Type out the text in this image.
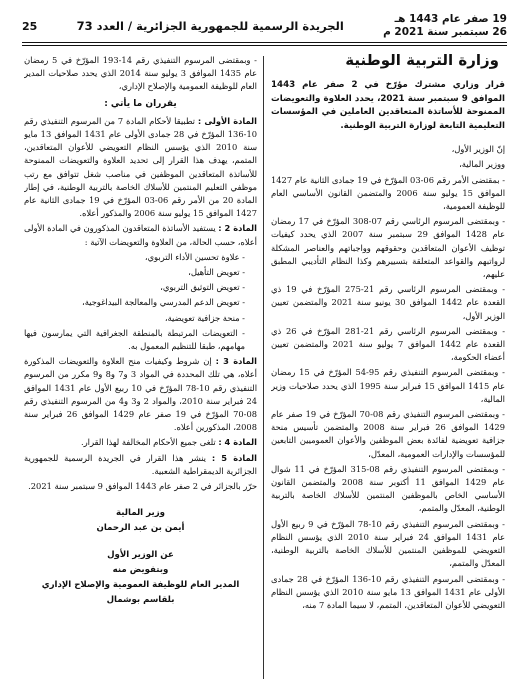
25	الجريدة الرسمية للجمهورية الجزائرية / العدد 73	19 صفر عام 1443 هـ
26 سبتمبر سنة 2021 م
وزارة التربية الوطنية
قرار وزاري مشترك مؤرّخ في 2 صفر عام 1443 الموافق 9 سبتمبر سنة 2021، يحدد العلاوة والتعويضات الممنوحة للأساتذة المتعاقدين العاملين في المؤسسات التعليمية التابعة لوزارة التربية الوطنية.

إنّ الوزير الأول،

ووزير المالية،

- بمقتضى الأمر رقم 06-03 المؤرّخ في 19 جمادى الثانية عام 1427 الموافق 15 يوليو سنة 2006 والمتضمن القانون الأساسي العام للوظيفة العمومية،

- وبمقتضى المرسوم الرئاسي رقم 07-308 المؤرّخ في 17 رمضان عام 1428 الموافق 29 سبتمبر سنة 2007 الذي يحدد كيفيات توظيف الأعوان المتعاقدين وحقوقهم وواجباتهم والعناصر المشكلة لرواتبهم والقواعد المتعلقة بتسييرهم وكذا النظام التأديبي المطبق عليهم،

- وبمقتضى المرسوم الرئاسي رقم 21-275 المؤرّخ في 19 ذي القعدة عام 1442 الموافق 30 يونيو سنة 2021 والمتضمن تعيين الوزير الأول،

- وبمقتضى المرسوم الرئاسي رقم 21-281 المؤرّخ في 26 ذي القعدة عام 1442 الموافق 7 يوليو سنة 2021 والمتضمن تعيين أعضاء الحكومة،

- وبمقتضى المرسوم التنفيذي رقم 95-54 المؤرّخ في 15 رمضان عام 1415 الموافق 15 فبراير سنة 1995 الذي يحدد صلاحيات وزير المالية،

- وبمقتضى المرسوم التنفيذي رقم 08-70 المؤرّخ في 19 صفر عام 1429 الموافق 26 فبراير سنة 2008 والمتضمن تأسيس منحة جزافية تعويضية لفائدة بعض الموظفين والأعوان العموميين التابعين للمؤسسات والإدارات العمومية، المعدّل،

- وبمقتضى المرسوم التنفيذي رقم 08-315 المؤرّخ في 11 شوال عام 1429 الموافق 11 أكتوبر سنة 2008 والمتضمن القانون الأساسي الخاص بالموظفين المنتمين للأسلاك الخاصة بالتربية الوطنية، المعدّل والمتمم،

- وبمقتضى المرسوم التنفيذي رقم 10-78 المؤرّخ في 9 ربيع الأول عام 1431 الموافق 24 فبراير سنة 2010 الذي يؤسس النظام التعويضي للموظفين المنتمين للأسلاك الخاصة بالتربية الوطنية، المعدّل والمتمم،

- وبمقتضى المرسوم التنفيذي رقم 10-136 المؤرّخ في 28 جمادى الأولى عام 1431 الموافق 13 مايو سنة 2010 الذي يؤسس النظام التعويضي للأعوان المتعاقدين، المتمم، لا سيما المادة 7 منه،

- وبمقتضى المرسوم التنفيذي رقم 14-193 المؤرّخ في 5 رمضان عام 1435 الموافق 3 يوليو سنة 2014 الذي يحدد صلاحيات المدير العام للوظيفة العمومية والإصلاح الإداري،

يقرران ما يأتي :

المادة الأولى : تطبيقا لأحكام المادة 7 من المرسوم التنفيذي رقم 10-136 المؤرّخ في 28 جمادى الأولى عام 1431 الموافق 13 مايو سنة 2010 الذي يؤسس النظام التعويضي للأعوان المتعاقدين، المتمم، يهدف هذا القرار إلى تحديد العلاوة والتعويضات الممنوحة للأساتذة المتعاقدين الموظفين في مناصب شغل تتوافق مع رتب موظفي التعليم المنتمين للأسلاك الخاصة بالتربية الوطنية، في إطار المادة 20 من الأمر رقم 06-03 المؤرّخ في 19 جمادى الثانية عام 1427 الموافق 15 يوليو سنة 2006 والمذكور أعلاه.

المادة 2 : يستفيد الأساتذة المتعاقدون المذكورون في المادة الأولى أعلاه، حسب الحالة، من العلاوة والتعويضات الآتية :

- علاوة تحسين الأداء التربوي،

- تعويض التأهيل،

- تعويض التوثيق التربوي،

- تعويض الدعم المدرسي والمعالجة البيداغوجية،

- منحة جزافية تعويضية،

- التعويضات المرتبطة بالمنطقة الجغرافية التي يمارسون فيها مهامهم، طبقا للتنظيم المعمول به.

المادة 3 : إن شروط وكيفيات منح العلاوة والتعويضات المذكورة أعلاه، هي تلك المحددة في المواد 3 و7 و8 و9 مكرر من المرسوم التنفيذي رقم 10-78 المؤرّخ في 10 ربيع الأول عام 1431 الموافق 24 فبراير سنة 2010، والمواد 2 و3 و4 من المرسوم التنفيذي رقم 08-70 المؤرّخ في 19 صفر عام 1429 الموافق 26 فبراير سنة 2008، المذكورين أعلاه.

المادة 4 : تلغى جميع الأحكام المخالفة لهذا القرار.

المادة 5 : ينشر هذا القرار في الجريدة الرسمية للجمهورية الجزائرية الديمقراطية الشعبية.

حرّر بالجزائر في 2 صفر عام 1443 الموافق 9 سبتمبر سنة 2021.

وزير المالية

أيمن بن عبد الرحمان

عن الوزير الأول

وبتفويض منه

المدير العام للوظيفة العمومية والإصلاح الإداري

بلقاسم بوشمال
